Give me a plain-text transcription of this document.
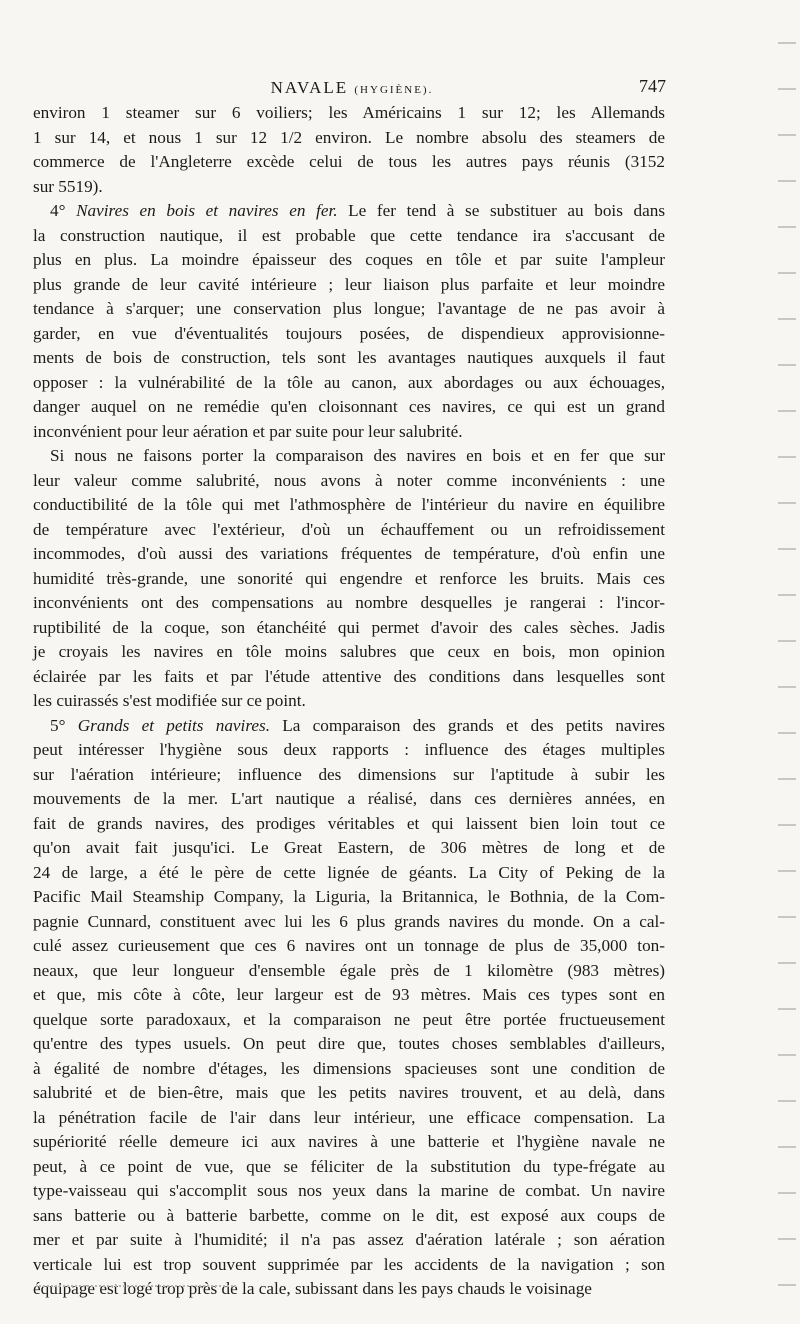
NAVALE (HYGIÈNE).	747
environ 1 steamer sur 6 voiliers; les Américains 1 sur 12; les Allemands
1 sur 14, et nous 1 sur 12 1/2 environ. Le nombre absolu des steamers de
commerce de l'Angleterre excède celui de tous les autres pays réunis (3152
sur 5519).
4° Navires en bois et navires en fer. Le fer tend à se substituer au bois dans
la construction nautique, il est probable que cette tendance ira s'accusant de
plus en plus. La moindre épaisseur des coques en tôle et par suite l'ampleur
plus grande de leur cavité intérieure ; leur liaison plus parfaite et leur moindre
tendance à s'arquer; une conservation plus longue; l'avantage de ne pas avoir à
garder, en vue d'éventualités toujours posées, de dispendieux approvisionne-
ments de bois de construction, tels sont les avantages nautiques auxquels il faut
opposer : la vulnérabilité de la tôle au canon, aux abordages ou aux échouages,
danger auquel on ne remédie qu'en cloisonnant ces navires, ce qui est un grand
inconvénient pour leur aération et par suite pour leur salubrité.
Si nous ne faisons porter la comparaison des navires en bois et en fer que sur
leur valeur comme salubrité, nous avons à noter comme inconvénients : une
conductibilité de la tôle qui met l'athmosphère de l'intérieur du navire en équilibre
de température avec l'extérieur, d'où un échauffement ou un refroidissement
incommodes, d'où aussi des variations fréquentes de température, d'où enfin une
humidité très-grande, une sonorité qui engendre et renforce les bruits. Mais ces
inconvénients ont des compensations au nombre desquelles je rangerai : l'incor-
ruptibilité de la coque, son étanchéité qui permet d'avoir des cales sèches. Jadis
je croyais les navires en tôle moins salubres que ceux en bois, mon opinion
éclairée par les faits et par l'étude attentive des conditions dans lesquelles sont
les cuirassés s'est modifiée sur ce point.
5° Grands et petits navires. La comparaison des grands et des petits navires
peut intéresser l'hygiène sous deux rapports : influence des étages multiples
sur l'aération intérieure; influence des dimensions sur l'aptitude à subir les
mouvements de la mer. L'art nautique a réalisé, dans ces dernières années, en
fait de grands navires, des prodiges véritables et qui laissent bien loin tout ce
qu'on avait fait jusqu'ici. Le Great Eastern, de 306 mètres de long et de
24 de large, a été le père de cette lignée de géants. La City of Peking de la
Pacific Mail Steamship Company, la Liguria, la Britannica, le Bothnia, de la Com-
pagnie Cunnard, constituent avec lui les 6 plus grands navires du monde. On a cal-
culé assez curieusement que ces 6 navires ont un tonnage de plus de 35,000 ton-
neaux, que leur longueur d'ensemble égale près de 1 kilomètre (983 mètres)
et que, mis côte à côte, leur largeur est de 93 mètres. Mais ces types sont en
quelque sorte paradoxaux, et la comparaison ne peut être portée fructueusement
qu'entre des types usuels. On peut dire que, toutes choses semblables d'ailleurs,
à égalité de nombre d'étages, les dimensions spacieuses sont une condition de
salubrité et de bien-être, mais que les petits navires trouvent, et au delà, dans
la pénétration facile de l'air dans leur intérieur, une efficace compensation. La
supériorité réelle demeure ici aux navires à une batterie et l'hygiène navale ne
peut, à ce point de vue, que se féliciter de la substitution du type-frégate au
type-vaisseau qui s'accomplit sous nos yeux dans la marine de combat. Un navire
sans batterie ou à batterie barbette, comme on le dit, est exposé aux coups de
mer et par suite à l'humidité; il n'a pas assez d'aération latérale ; son aération
verticale lui est trop souvent supprimée par les accidents de la navigation ; son
équipage est logé trop près de la cale, subissant dans les pays chauds le voisinage
